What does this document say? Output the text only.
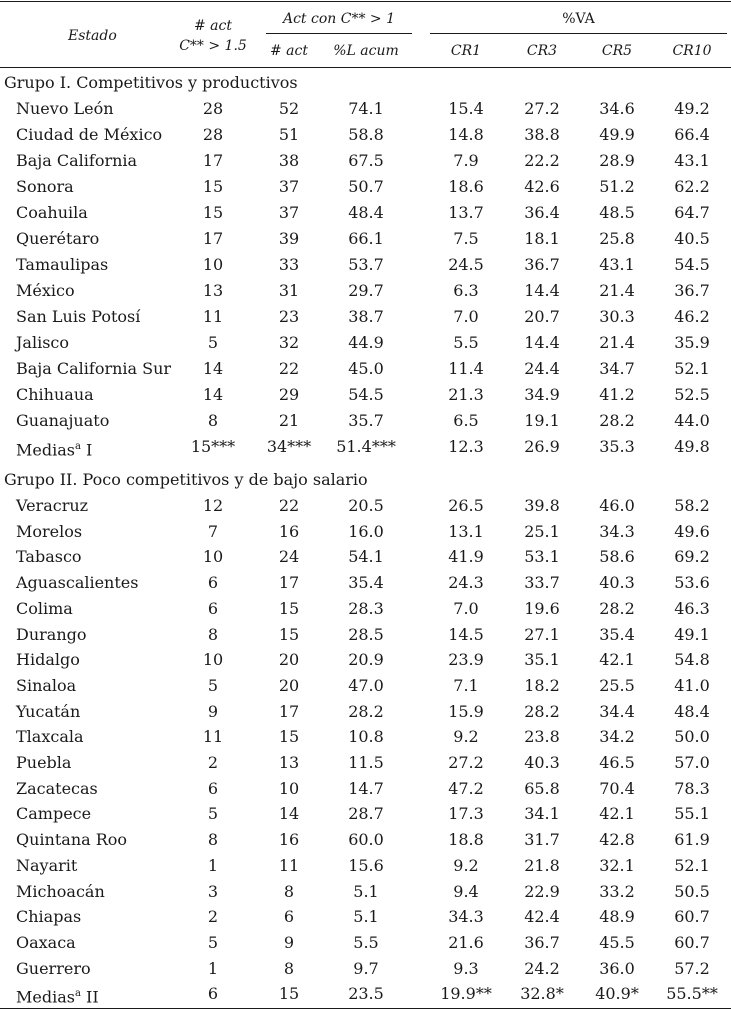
Estado
# act
C** > 1.5
Act con C** > 1	%VA
# act	%L acum	CR1	CR3	CR5	CR10
Grupo I. Competitivos y productivos
Nuevo León	28	52	74.1	15.4	27.2	34.6	49.2
Ciudad de México	28	51	58.8	14.8	38.8	49.9	66.4
Baja California	17	38	67.5	7.9	22.2	28.9	43.1
Sonora	15	37	50.7	18.6	42.6	51.2	62.2
Coahuila	15	37	48.4	13.7	36.4	48.5	64.7
Querétaro	17	39	66.1	7.5	18.1	25.8	40.5
Tamaulipas	10	33	53.7	24.5	36.7	43.1	54.5
México	13	31	29.7	6.3	14.4	21.4	36.7
San Luis Potosí	11	23	38.7	7.0	20.7	30.3	46.2
Jalisco	5	32	44.9	5.5	14.4	21.4	35.9
Baja California Sur	14	22	45.0	11.4	24.4	34.7	52.1
Chihuaua	14	29	54.5	21.3	34.9	41.2	52.5
Guanajuato	8	21	35.7	6.5	19.1	28.2	44.0
Medias$^a$ I	15***	34***	51.4***	12.3	26.9	35.3	49.8
Grupo II. Poco competitivos y de bajo salario
Veracruz	12	22	20.5	26.5	39.8	46.0	58.2
Morelos	7	16	16.0	13.1	25.1	34.3	49.6
Tabasco	10	24	54.1	41.9	53.1	58.6	69.2
Aguascalientes	6	17	35.4	24.3	33.7	40.3	53.6
Colima	6	15	28.3	7.0	19.6	28.2	46.3
Durango	8	15	28.5	14.5	27.1	35.4	49.1
Hidalgo	10	20	20.9	23.9	35.1	42.1	54.8
Sinaloa	5	20	47.0	7.1	18.2	25.5	41.0
Yucatán	9	17	28.2	15.9	28.2	34.4	48.4
Tlaxcala	11	15	10.8	9.2	23.8	34.2	50.0
Puebla	2	13	11.5	27.2	40.3	46.5	57.0
Zacatecas	6	10	14.7	47.2	65.8	70.4	78.3
Campece	5	14	28.7	17.3	34.1	42.1	55.1
Quintana Roo	8	16	60.0	18.8	31.7	42.8	61.9
Nayarit	1	11	15.6	9.2	21.8	32.1	52.1
Michoacán	3	8	5.1	9.4	22.9	33.2	50.5
Chiapas	2	6	5.1	34.3	42.4	48.9	60.7
Oaxaca	5	9	5.5	21.6	36.7	45.5	60.7
Guerrero	1	8	9.7	9.3	24.2	36.0	57.2
Medias$^a$ II	6	15	23.5	19.9**	32.8*	40.9*	55.5**
